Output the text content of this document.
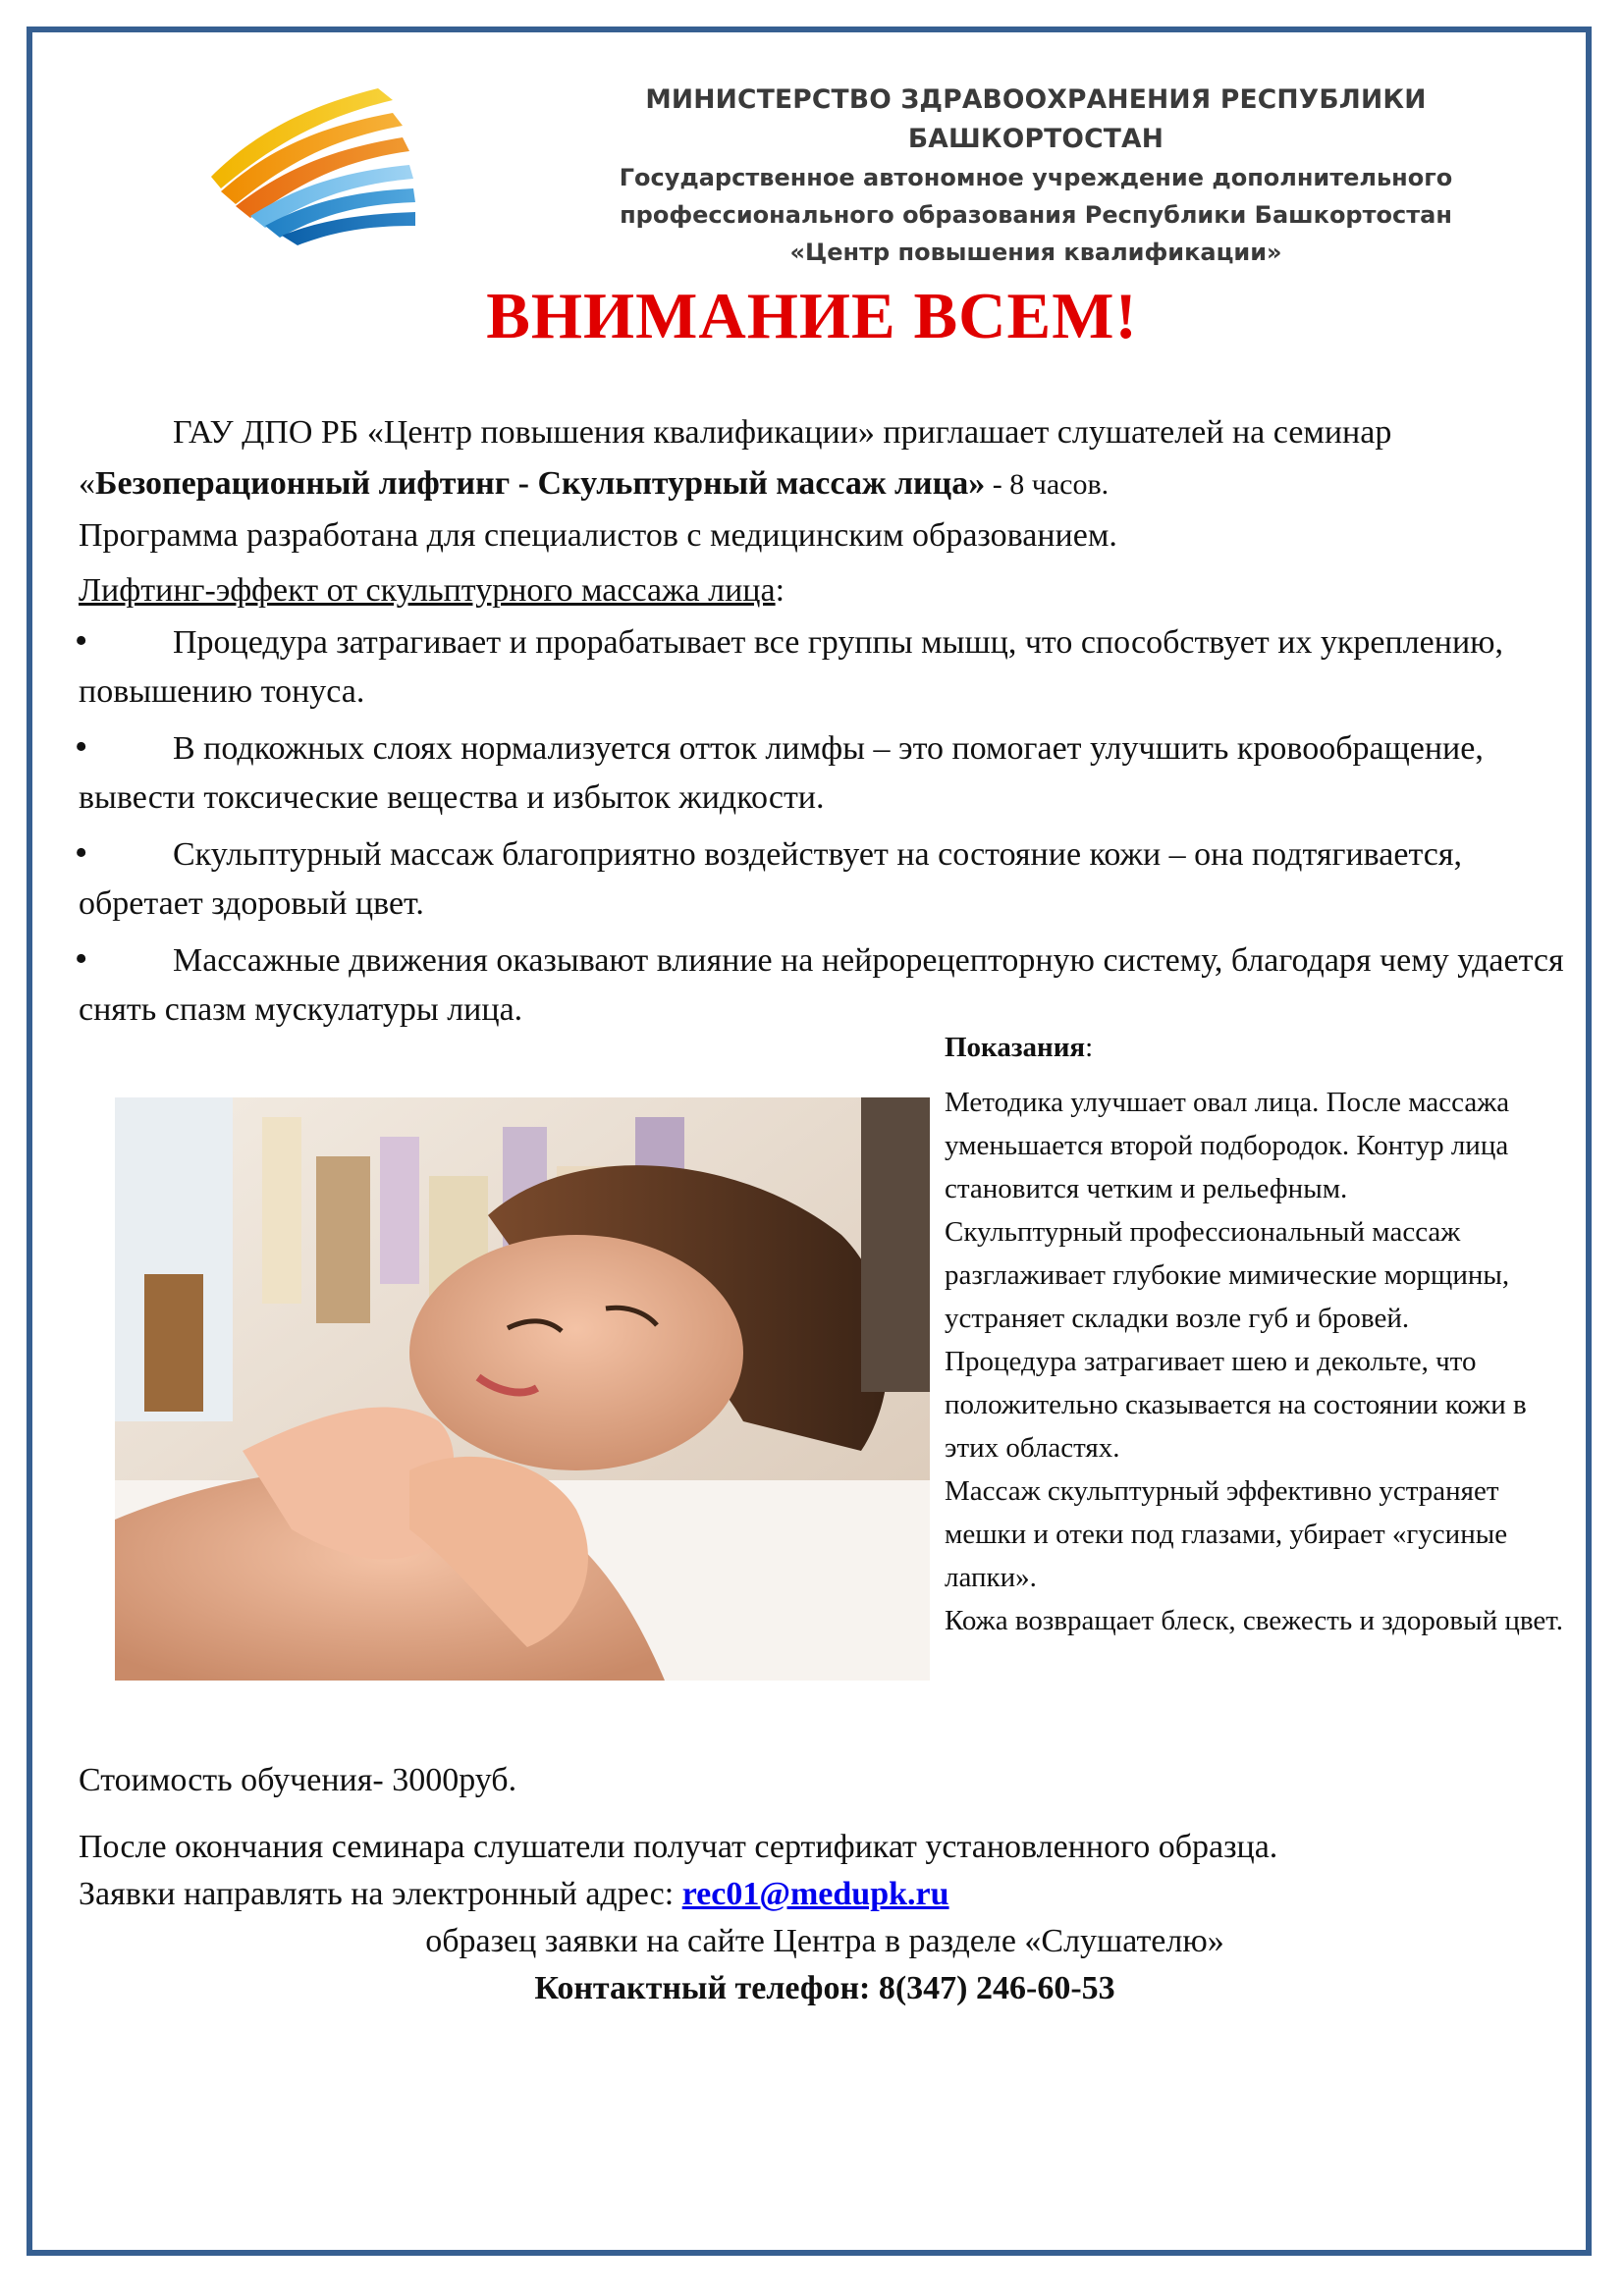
МИНИСТЕРСТВО ЗДРАВООХРАНЕНИЯ РЕСПУБЛИКИ БАШКОРТОСТАН
Государственное автономное учреждение дополнительного
профессионального образования Республики Башкортостан
«Центр повышения квалификации»
ВНИМАНИЕ ВСЕМ!

ГАУ ДПО РБ «Центр повышения квалификации» приглашает слушателей на семинар «Безоперационный лифтинг - Скульптурный массаж лица» - 8 часов.

Программа разработана для специалистов с медицинским образованием.

Лифтинг-эффект от скульптурного массажа лица:

•Процедура затрагивает и прорабатывает все группы мышц, что способствует их укреплению, повышению тонуса.

•В подкожных слоях нормализуется отток лимфы – это помогает улучшить кровообращение, вывести токсические вещества и избыток жидкости.

•Скульптурный массаж благоприятно воздействует на состояние кожи – она подтягивается, обретает здоровый цвет.

•Массажные движения оказывают влияние на нейрорецепторную систему, благодаря чему удается снять спазм мускулатуры лица.

Показания:

Методика улучшает овал лица. После массажа уменьшается второй подбородок. Контур лица становится четким и рельефным.

Скульптурный профессиональный массаж разглаживает глубокие мимические морщины, устраняет складки возле губ и бровей.

Процедура затрагивает шею и декольте, что положительно сказывается на состоянии кожи в этих областях.

Массаж скульптурный эффективно устраняет мешки и отеки под глазами, убирает «гусиные лапки».

Кожа возвращает блеск, свежесть и здоровый цвет.

Стоимость обучения- 3000руб.

После окончания семинара слушатели получат сертификат установленного образца.

Заявки направлять на электронный адрес: rec01@medupk.ru

образец заявки на сайте Центра в разделе «Слушателю»

Контактный телефон: 8(347) 246-60-53
